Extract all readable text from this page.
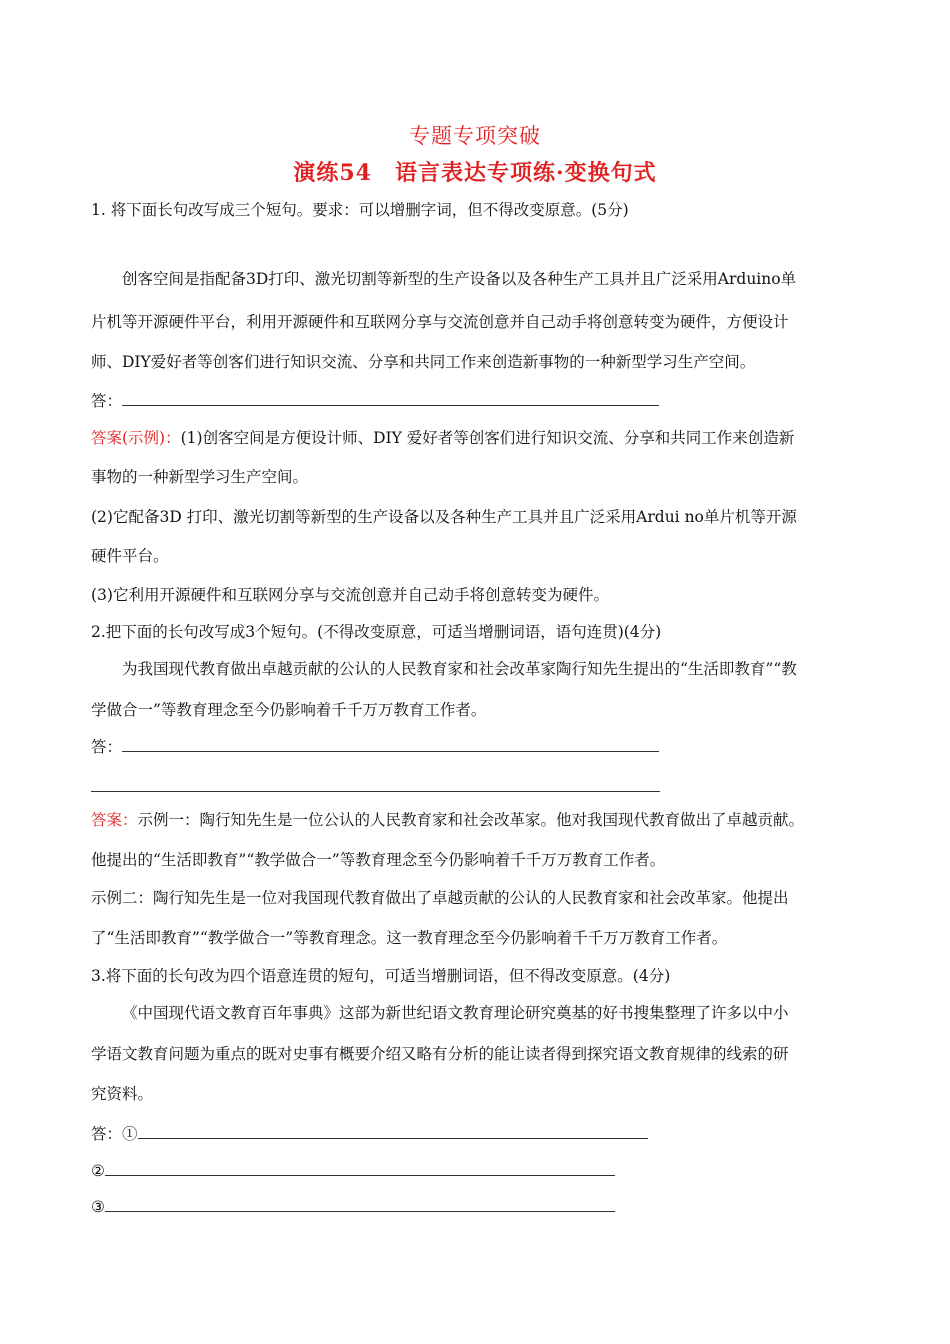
专题专项突破
演练54　语言表达专项练·变换句式
1. 将下面长句改写成三个短句。要求：可以增删字词，但不得改变原意。(5分)
创客空间是指配备3D打印、激光切割等新型的生产设备以及各种生产工具并且广泛采用Arduino单
片机等开源硬件平台，利用开源硬件和互联网分享与交流创意并自己动手将创意转变为硬件，方便设计
师、DIY爱好者等创客们进行知识交流、分享和共同工作来创造新事物的一种新型学习生产空间。
答：
答案(示例)：(1)创客空间是方便设计师、DIY 爱好者等创客们进行知识交流、分享和共同工作来创造新
事物的一种新型学习生产空间。
(2)它配备3D 打印、激光切割等新型的生产设备以及各种生产工具并且广泛采用Ardui no单片机等开源
硬件平台。
(3)它利用开源硬件和互联网分享与交流创意并自己动手将创意转变为硬件。
2.把下面的长句改写成3个短句。(不得改变原意，可适当增删词语，语句连贯)(4分)
为我国现代教育做出卓越贡献的公认的人民教育家和社会改革家陶行知先生提出的“生活即教育”“教
学做合一”等教育理念至今仍影响着千千万万教育工作者。
答：
答案：示例一：陶行知先生是一位公认的人民教育家和社会改革家。他对我国现代教育做出了卓越贡献。
他提出的“生活即教育”“教学做合一”等教育理念至今仍影响着千千万万教育工作者。
示例二：陶行知先生是一位对我国现代教育做出了卓越贡献的公认的人民教育家和社会改革家。他提出
了“生活即教育”“教学做合一”等教育理念。这一教育理念至今仍影响着千千万万教育工作者。
3.将下面的长句改为四个语意连贯的短句，可适当增删词语，但不得改变原意。(4分)
《中国现代语文教育百年事典》这部为新世纪语文教育理论研究奠基的好书搜集整理了许多以中小
学语文教育问题为重点的既对史事有概要介绍又略有分析的能让读者得到探究语文教育规律的线索的研
究资料。
答：①
②
③
